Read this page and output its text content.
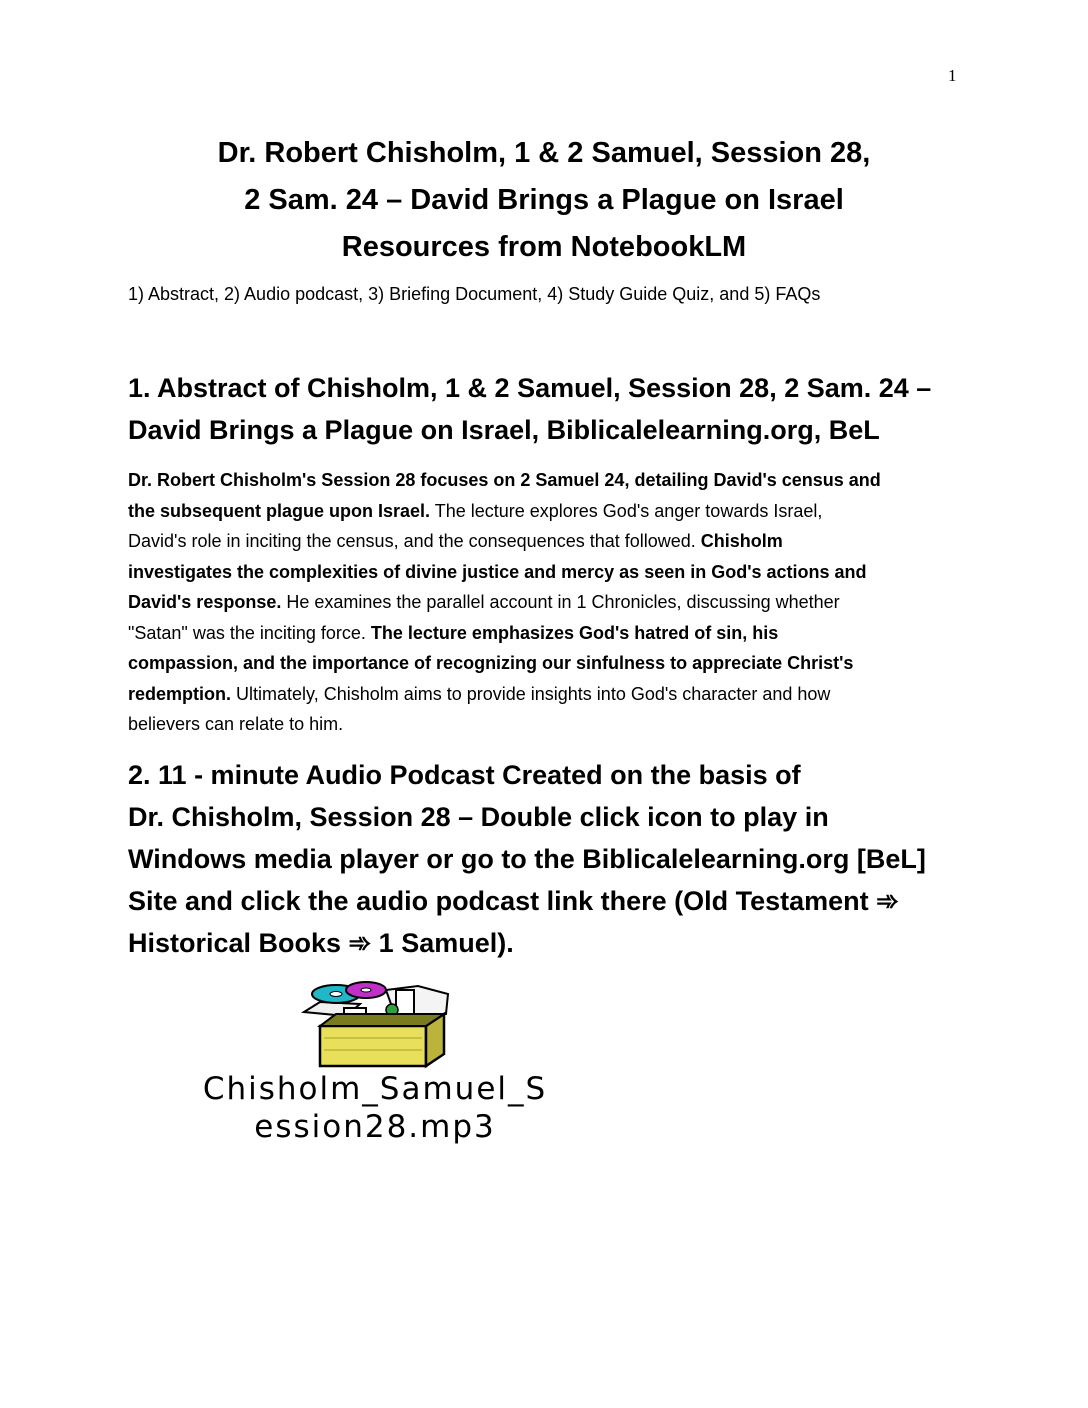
1
Dr. Robert Chisholm, 1 & 2 Samuel, Session 28,
2 Sam. 24 – David Brings a Plague on Israel
Resources from NotebookLM
1) Abstract, 2) Audio podcast, 3) Briefing Document, 4) Study Guide Quiz, and 5) FAQs
1. Abstract of Chisholm, 1 & 2 Samuel, Session 28, 2 Sam. 24 –
David Brings a Plague on Israel, Biblicalelearning.org, BeL
Dr. Robert Chisholm's Session 28 focuses on 2 Samuel 24, detailing David's census and
the subsequent plague upon Israel. The lecture explores God's anger towards Israel,
David's role in inciting the census, and the consequences that followed. Chisholm
investigates the complexities of divine justice and mercy as seen in God's actions and
David's response. He examines the parallel account in 1 Chronicles, discussing whether
"Satan" was the inciting force. The lecture emphasizes God's hatred of sin, his
compassion, and the importance of recognizing our sinfulness to appreciate Christ's
redemption. Ultimately, Chisholm aims to provide insights into God's character and how
believers can relate to him.
2. 11 - minute Audio Podcast Created on the basis of
Dr. Chisholm, Session 28 – Double click icon to play in
Windows media player or go to the Biblicalelearning.org [BeL]
Site and click the audio podcast link there (Old Testament ➾
Historical Books ➾ 1 Samuel).
Chisholm_Samuel_S
ession28.mp3
